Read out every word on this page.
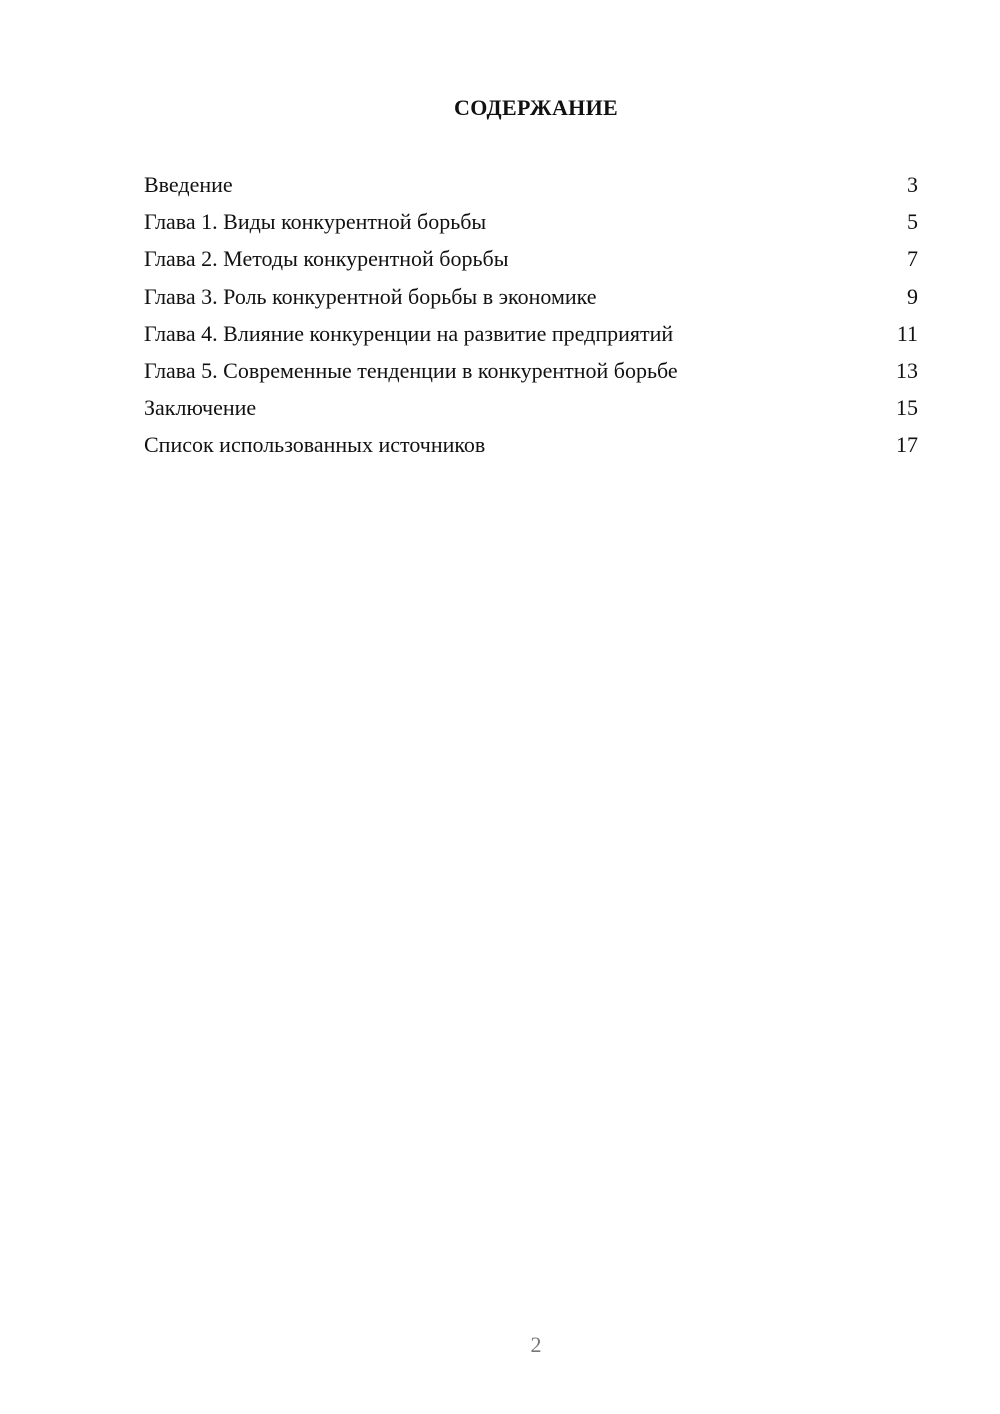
СОДЕРЖАНИЕ
Введение	3
Глава 1. Виды конкурентной борьбы	5
Глава 2. Методы конкурентной борьбы	7
Глава 3. Роль конкурентной борьбы в экономике	9
Глава 4. Влияние конкуренции на развитие предприятий	11
Глава 5. Современные тенденции в конкурентной борьбе	13
Заключение	15
Список использованных источников	17
2
